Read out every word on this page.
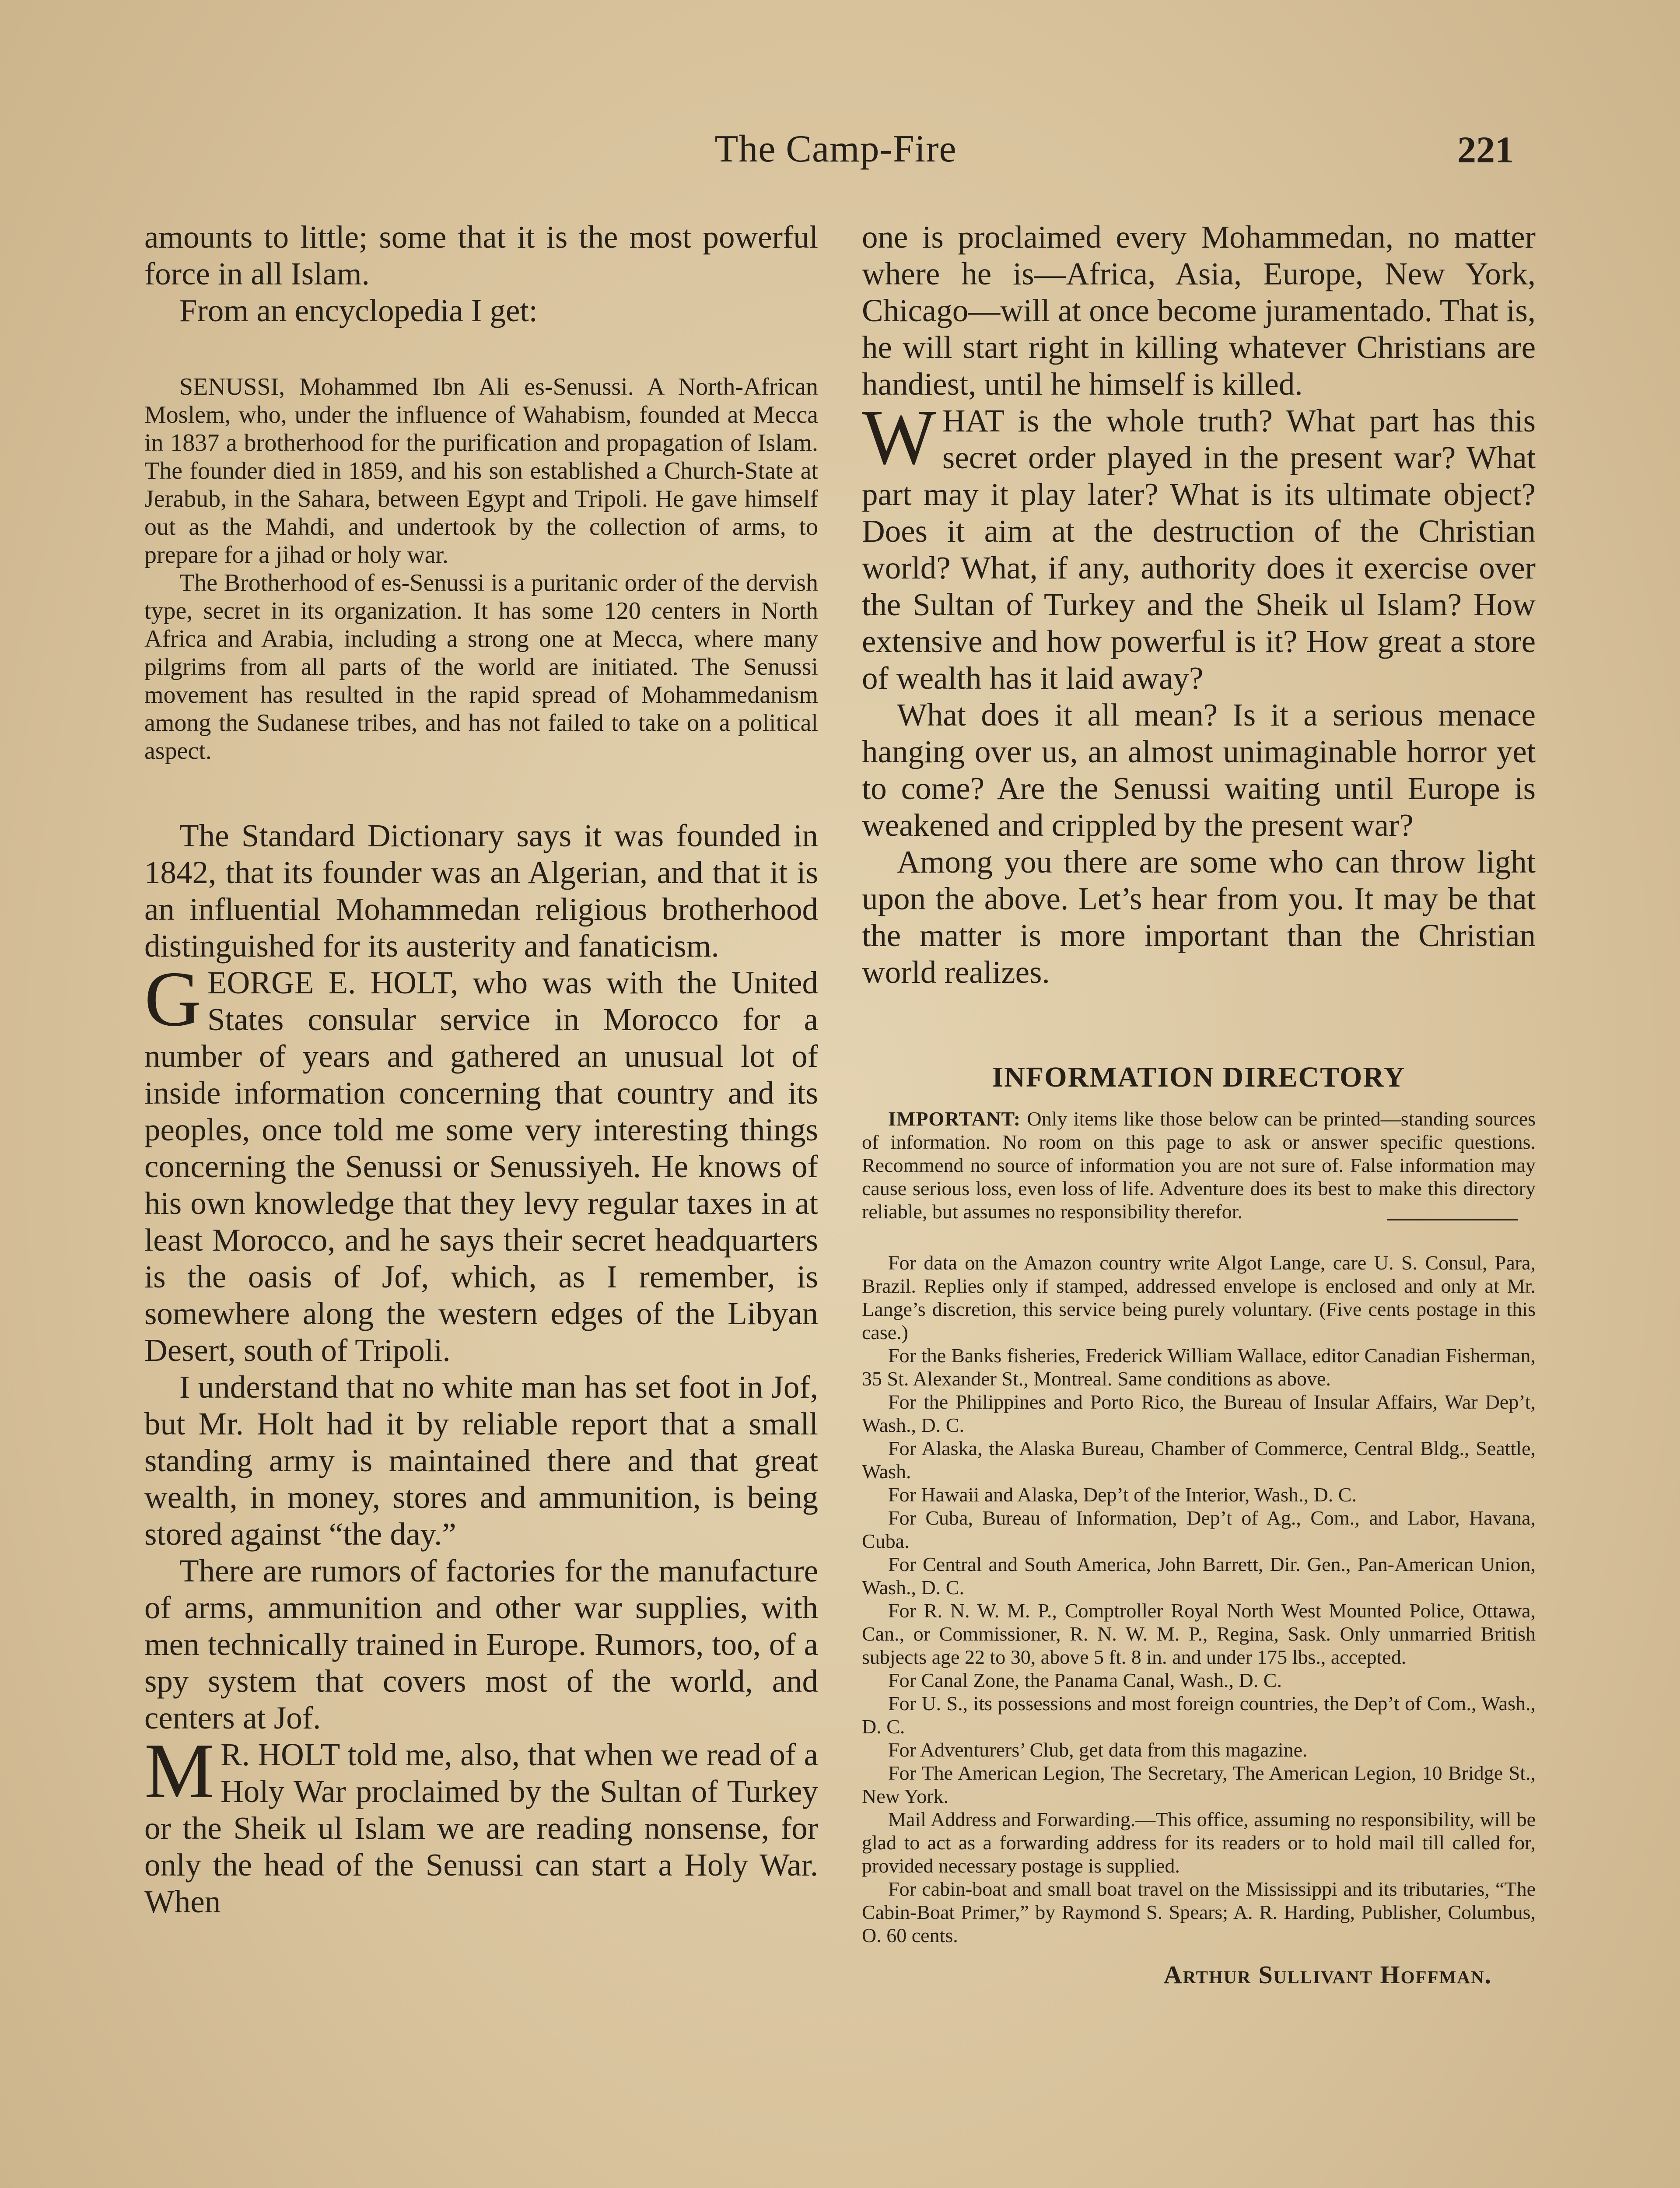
The Camp-Fire	221

amounts to little; some that it is the most powerful force in all Islam.

From an encyclopedia I get:

SENUSSI, Mohammed Ibn Ali es-Senussi. A North-African Moslem, who, under the influence of Wahabism, founded at Mecca in 1837 a brotherhood for the purification and propagation of Islam. The founder died in 1859, and his son established a Church-State at Jerabub, in the Sahara, between Egypt and Tripoli. He gave himself out as the Mahdi, and undertook by the collection of arms, to prepare for a jihad or holy war.

The Brotherhood of es-Senussi is a puritanic order of the dervish type, secret in its organization. It has some 120 centers in North Africa and Arabia, including a strong one at Mecca, where many pilgrims from all parts of the world are initiated. The Senussi movement has resulted in the rapid spread of Mohammedanism among the Sudanese tribes, and has not failed to take on a political aspect.

The Standard Dictionary says it was founded in 1842, that its founder was an Algerian, and that it is an influential Mohammedan religious brotherhood distinguished for its austerity and fanaticism.

GEORGE E. HOLT, who was with the United States consular service in Morocco for a number of years and gathered an unusual lot of inside information concerning that country and its peoples, once told me some very interesting things concerning the Senussi or Senussiyeh. He knows of his own knowledge that they levy regular taxes in at least Morocco, and he says their secret headquarters is the oasis of Jof, which, as I remember, is somewhere along the western edges of the Libyan Desert, south of Tripoli.

I understand that no white man has set foot in Jof, but Mr. Holt had it by reliable report that a small standing army is maintained there and that great wealth, in money, stores and ammunition, is being stored against “the day.”

There are rumors of factories for the manufacture of arms, ammunition and other war supplies, with men technically trained in Europe. Rumors, too, of a spy system that covers most of the world, and centers at Jof.

M R. HOLT told me, also, that when we read of a Holy War proclaimed by the Sultan of Turkey or the Sheik ul Islam we are reading nonsense, for only the head of the Senussi can start a Holy War. When

one is proclaimed every Mohammedan, no matter where he is—Africa, Asia, Europe, New York, Chicago—will at once become juramentado. That is, he will start right in killing whatever Christians are handiest, until he himself is killed.

WHAT is the whole truth? What part has this secret order played in the present war? What part may it play later? What is its ultimate object? Does it aim at the destruction of the Christian world? What, if any, authority does it exercise over the Sultan of Turkey and the Sheik ul Islam? How extensive and how powerful is it? How great a store of wealth has it laid away?

What does it all mean? Is it a serious menace hanging over us, an almost unimaginable horror yet to come? Are the Senussi waiting until Europe is weakened and crippled by the present war?

Among you there are some who can throw light upon the above. Let’s hear from you. It may be that the matter is more important than the Christian world realizes.

INFORMATION DIRECTORY

IMPORTANT: Only items like those below can be printed—standing sources of information. No room on this page to ask or answer specific questions. Recommend no source of information you are not sure of. False information may cause serious loss, even loss of life. Adventure does its best to make this directory reliable, but assumes no responsibility therefor.

For data on the Amazon country write Algot Lange, care U. S. Consul, Para, Brazil. Replies only if stamped, addressed envelope is enclosed and only at Mr. Lange’s discretion, this service being purely voluntary. (Five cents postage in this case.)

For the Banks fisheries, Frederick William Wallace, editor Canadian Fisherman, 35 St. Alexander St., Montreal. Same conditions as above.

For the Philippines and Porto Rico, the Bureau of Insular Affairs, War Dep’t, Wash., D. C.

For Alaska, the Alaska Bureau, Chamber of Commerce, Central Bldg., Seattle, Wash.

For Hawaii and Alaska, Dep’t of the Interior, Wash., D. C.

For Cuba, Bureau of Information, Dep’t of Ag., Com., and Labor, Havana, Cuba.

For Central and South America, John Barrett, Dir. Gen., Pan-American Union, Wash., D. C.

For R. N. W. M. P., Comptroller Royal North West Mounted Police, Ottawa, Can., or Commissioner, R. N. W. M. P., Regina, Sask. Only unmarried British subjects age 22 to 30, above 5 ft. 8 in. and under 175 lbs., accepted.

For Canal Zone, the Panama Canal, Wash., D. C.

For U. S., its possessions and most foreign countries, the Dep’t of Com., Wash., D. C.

For Adventurers’ Club, get data from this magazine.

For The American Legion, The Secretary, The American Legion, 10 Bridge St., New York.

Mail Address and Forwarding.—This office, assuming no responsibility, will be glad to act as a forwarding address for its readers or to hold mail till called for, provided necessary postage is supplied.

For cabin-boat and small boat travel on the Mississippi and its tributaries, “The Cabin-Boat Primer,” by Raymond S. Spears; A. R. Harding, Publisher, Columbus, O. 60 cents.

Arthur Sullivant Hoffman.
